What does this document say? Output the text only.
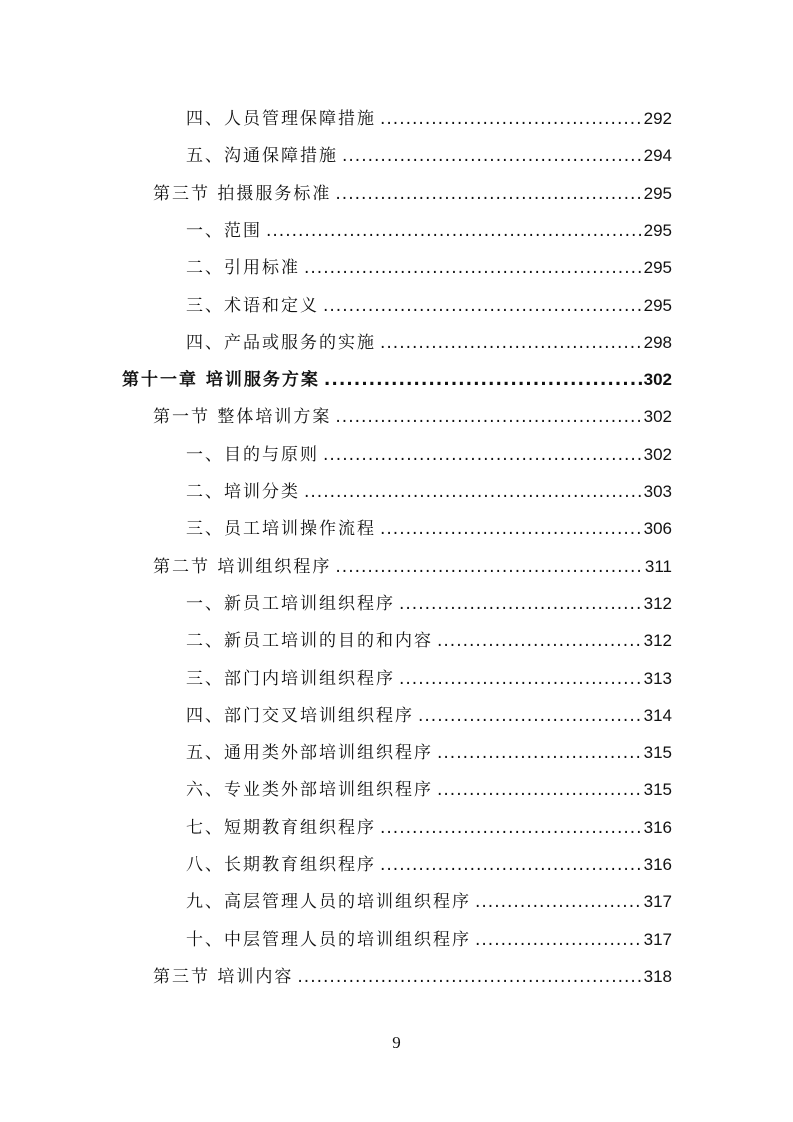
四、人员管理保障措施 .....	292
五、沟通保障措施 .....	294
第三节 拍摄服务标准 .....	295
一、范围 .....	295
二、引用标准 .....	295
三、术语和定义 .....	295
四、产品或服务的实施 .....	298
第十一章 培训服务方案 .....	302
第一节 整体培训方案 .....	302
一、目的与原则 .....	302
二、培训分类 .....	303
三、员工培训操作流程 .....	306
第二节 培训组织程序 .....	311
一、新员工培训组织程序 .....	312
二、新员工培训的目的和内容 .....	312
三、部门内培训组织程序 .....	313
四、部门交叉培训组织程序 .....	314
五、通用类外部培训组织程序 .....	315
六、专业类外部培训组织程序 .....	315
七、短期教育组织程序 .....	316
八、长期教育组织程序 .....	316
九、高层管理人员的培训组织程序 .....	317
十、中层管理人员的培训组织程序 .....	317
第三节 培训内容 .....	318
9
